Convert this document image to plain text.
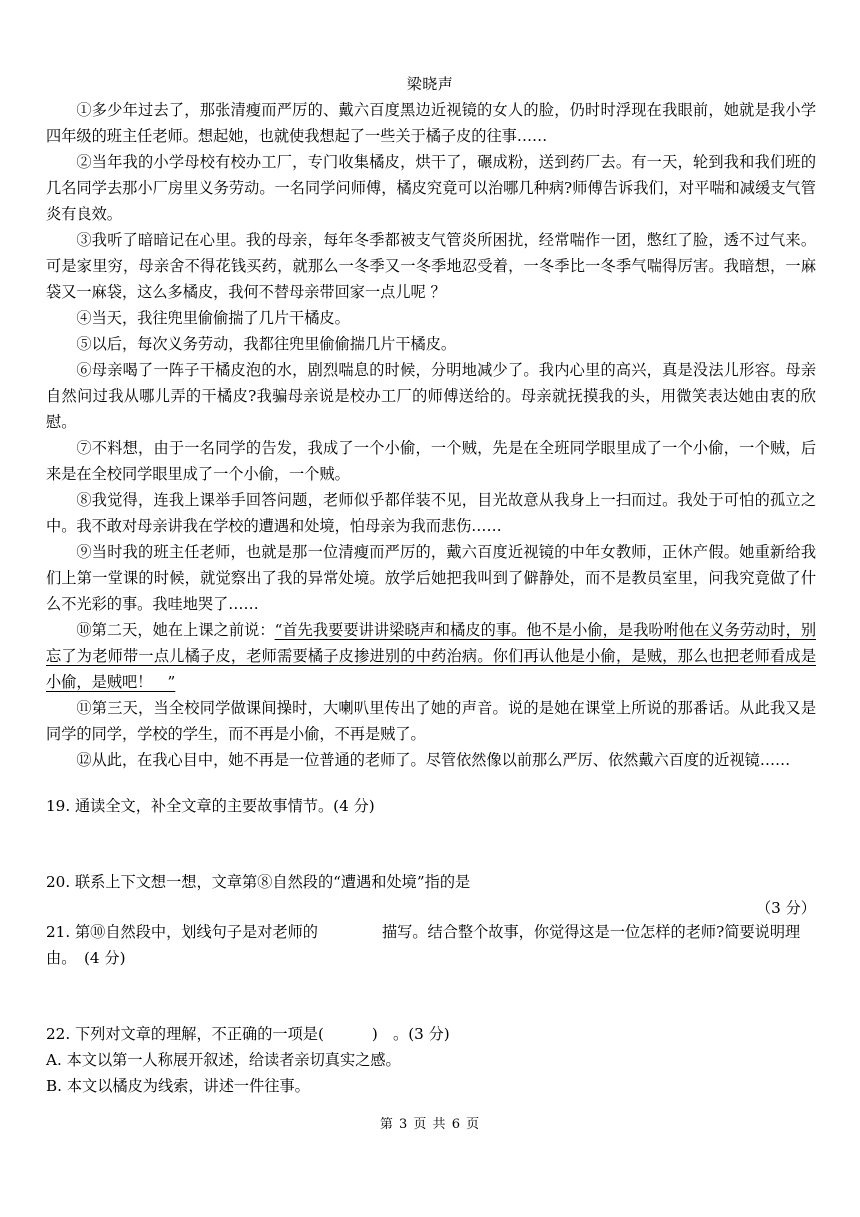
梁晓声

①多少年过去了，那张清瘦而严厉的、戴六百度黑边近视镜的女人的脸，仍时时浮现在我眼前，她就是我小学四年级的班主任老师。想起她，也就使我想起了一些关于橘子皮的往事……

②当年我的小学母校有校办工厂，专门收集橘皮，烘干了，碾成粉，送到药厂去。有一天，轮到我和我们班的几名同学去那小厂房里义务劳动。一名同学问师傅，橘皮究竟可以治哪几种病?师傅告诉我们，对平喘和减缓支气管炎有良效。

③我听了暗暗记在心里。我的母亲，每年冬季都被支气管炎所困扰，经常喘作一团，憋红了脸，透不过气来。可是家里穷，母亲舍不得花钱买药，就那么一冬季又一冬季地忍受着，一冬季比一冬季气喘得厉害。我暗想，一麻袋又一麻袋，这么多橘皮，我何不替母亲带回家一点儿呢 ？

④当天，我往兜里偷偷揣了几片干橘皮。

⑤以后，每次义务劳动，我都往兜里偷偷揣几片干橘皮。

⑥母亲喝了一阵子干橘皮泡的水，剧烈喘息的时候，分明地减少了。我内心里的高兴，真是没法儿形容。母亲自然问过我从哪儿弄的干橘皮?我骗母亲说是校办工厂的师傅送给的。母亲就抚摸我的头，用微笑表达她由衷的欣慰。

⑦不料想，由于一名同学的告发，我成了一个小偷，一个贼，先是在全班同学眼里成了一个小偷，一个贼，后来是在全校同学眼里成了一个小偷，一个贼。

⑧我觉得，连我上课举手回答问题，老师似乎都佯装不见，目光故意从我身上一扫而过。我处于可怕的孤立之中。我不敢对母亲讲我在学校的遭遇和处境，怕母亲为我而悲伤……

⑨当时我的班主任老师，也就是那一位清瘦而严厉的，戴六百度近视镜的中年女教师，正休产假。她重新给我们上第一堂课的时候，就觉察出了我的异常处境。放学后她把我叫到了僻静处，而不是教员室里，问我究竟做了什么不光彩的事。我哇地哭了……

⑩第二天，她在上课之前说：“首先我要要讲讲梁晓声和橘皮的事。他不是小偷，是我吩咐他在义务劳动时，别忘了为老师带一点儿橘子皮，老师需要橘子皮掺进别的中药治病。你们再认他是小偷，是贼，那么也把老师看成是小偷，是贼吧！　”

⑪第三天，当全校同学做课间操时，大喇叭里传出了她的声音。说的是她在课堂上所说的那番话。从此我又是同学的同学，学校的学生，而不再是小偷，不再是贼了。

⑫从此，在我心目中，她不再是一位普通的老师了。尽管依然像以前那么严厉、依然戴六百度的近视镜……

19. 通读全文，补全文章的主要故事情节。(4 分)

20. 联系上下文想一想，文章第⑧自然段的“遭遇和处境”指的是

（3 分）

21. 第⑩自然段中，划线句子是对老师的	描写。结合整个故事，你觉得这是一位怎样的老师?简要说明理由。　(4 分)

22. 下列对文章的理解，不正确的一项是(	)　。(3 分)

A. 本文以第一人称展开叙述，给读者亲切真实之感。

B. 本文以橘皮为线索，讲述一件往事。

第 3 页 共 6 页
